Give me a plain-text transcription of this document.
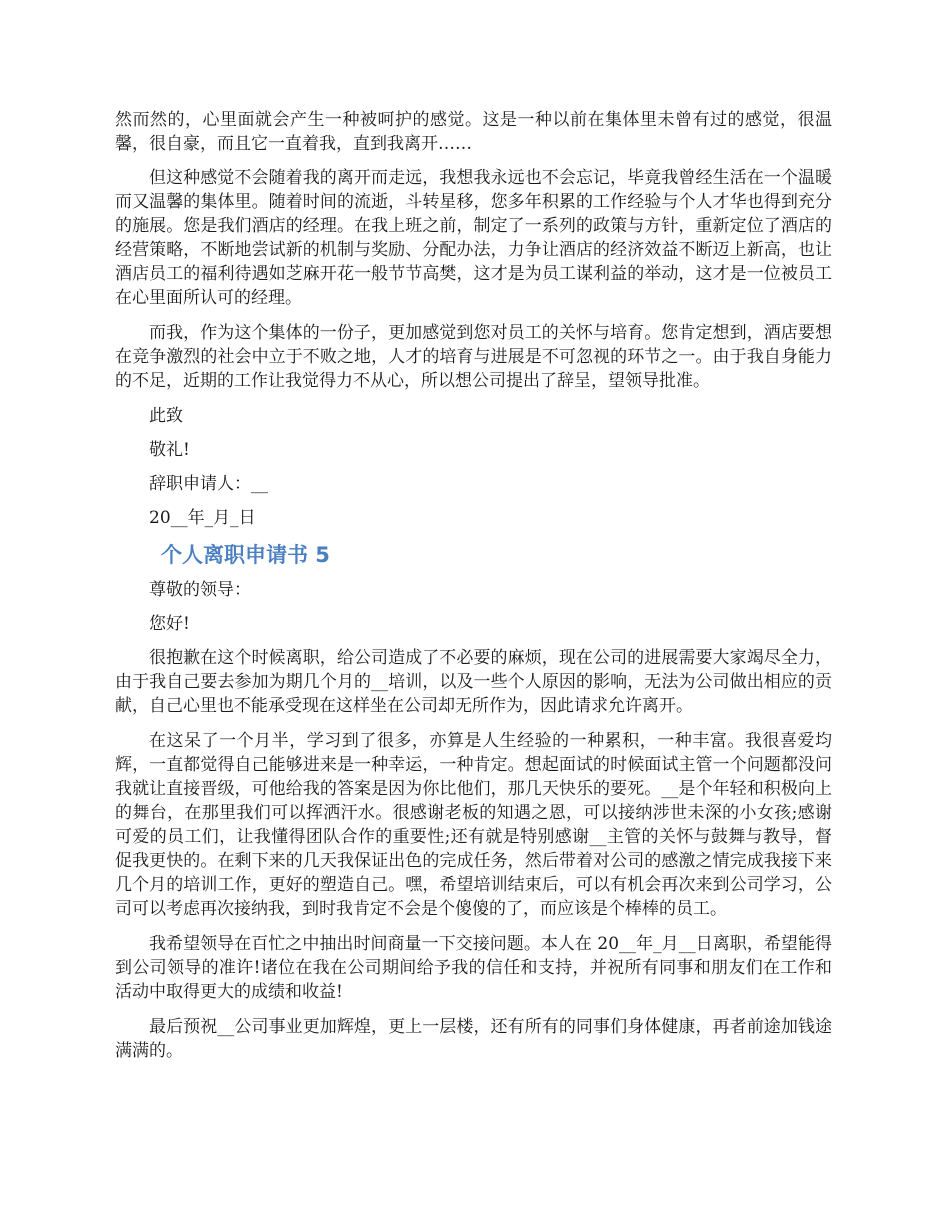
然而然的，心里面就会产生一种被呵护的感觉。这是一种以前在集体里未曾有过的感觉，很温馨，很自豪，而且它一直着我，直到我离开……

但这种感觉不会随着我的离开而走远，我想我永远也不会忘记，毕竟我曾经生活在一个温暖而又温馨的集体里。随着时间的流逝，斗转星移，您多年积累的工作经验与个人才华也得到充分的施展。您是我们酒店的经理。在我上班之前，制定了一系列的政策与方针，重新定位了酒店的经营策略，不断地尝试新的机制与奖励、分配办法，力争让酒店的经济效益不断迈上新高，也让酒店员工的福利待遇如芝麻开花一般节节高樊，这才是为员工谋利益的举动，这才是一位被员工在心里面所认可的经理。

而我，作为这个集体的一份子，更加感觉到您对员工的关怀与培育。您肯定想到，酒店要想在竞争激烈的社会中立于不败之地，人才的培育与进展是不可忽视的环节之一。由于我自身能力的不足，近期的工作让我觉得力不从心，所以想公司提出了辞呈，望领导批准。

此致

敬礼!

辞职申请人：__

20__年_月_日

个人离职申请书 5

尊敬的领导：

您好!

很抱歉在这个时候离职，给公司造成了不必要的麻烦，现在公司的进展需要大家竭尽全力，由于我自己要去参加为期几个月的__培训，以及一些个人原因的影响，无法为公司做出相应的贡献，自己心里也不能承受现在这样坐在公司却无所作为，因此请求允许离开。

在这呆了一个月半，学习到了很多，亦算是人生经验的一种累积，一种丰富。我很喜爱均辉，一直都觉得自己能够进来是一种幸运，一种肯定。想起面试的时候面试主管一个问题都没问我就让直接晋级，可他给我的答案是因为你比他们，那几天快乐的要死。__是个年轻和积极向上的舞台，在那里我们可以挥洒汗水。很感谢老板的知遇之恩，可以接纳涉世未深的小女孩;感谢可爱的员工们，让我懂得团队合作的重要性;还有就是特别感谢__主管的关怀与鼓舞与教导，督促我更快的。在剩下来的几天我保证出色的完成任务，然后带着对公司的感激之情完成我接下来几个月的培训工作，更好的塑造自己。嘿，希望培训结束后，可以有机会再次来到公司学习，公司可以考虑再次接纳我，到时我肯定不会是个傻傻的了，而应该是个棒棒的员工。

我希望领导在百忙之中抽出时间商量一下交接问题。本人在 20__年_月__日离职，希望能得到公司领导的准许!诸位在我在公司期间给予我的信任和支持，并祝所有同事和朋友们在工作和活动中取得更大的成绩和收益!

最后预祝__公司事业更加辉煌，更上一层楼，还有所有的同事们身体健康，再者前途加钱途满满的。
